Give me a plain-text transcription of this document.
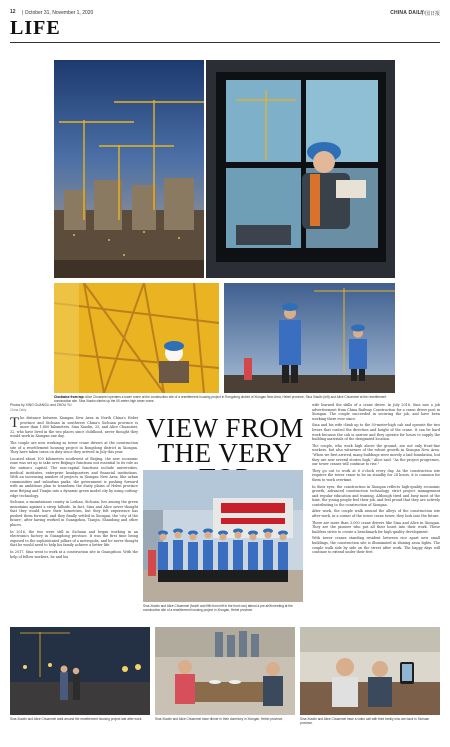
12 | October 31, November 1, 2020	CHINA DAILY
中国日报
LIFE
Clockwise from top: Alice Chuanmei operates a tower crane at the construction site of a resettlement housing project in Rongdong district of Xiongan New Area, Hebei province. Sina Xiaolin (left) and Alice Chuanmei at the resettlement construction site. Sina Xiaolin climbs up the 50-meter-high tower crane.
Photos by XING GUANGLI and ZHOU YU
China Daily

The distance between Xiongan New Area in North China's Hebei province and Sichuan in southwest China's Sichuan province is more than 1,800 kilometers. Sina Xiaolin, 33, and Alice Chuanmei, 32, who have lived in the two places since childhood, never thought they would work in Xiongan one day.

The couple are now working as tower crane drivers at the construction site of a resettlement housing project in Rongdong district in Xiongan. They have taken turns on duty since they arrived in July this year.

Located about 100 kilometers southwest of Beijing, the new economic zone was set up to take over Beijing's functions not essential to its role as the nation's capital. The non-capital functions include universities, medical institutes, enterprise headquarters and financial institutions. With an increasing number of projects in Xiongan New Area, like urban communities and suburban parks, the government is pushing forward with an ambitious plan to transform the dusty plains of Hebei province near Beijing and Tianjin into a dynamic green model city by using cutting-edge technology.

Sichuan, a mountainous county in Leshan, Sichuan, lies among the green mountains against a steep hillside. In fact, Sina and Alice never thought that they would leave their hometown, but they felt experience has pushed them forward, and they finally settled in Xiongan, the 'city of the future', after having worked in Guangzhou, Tianjin, Shandong and other places.

In 2016, the two were still in Sichuan and began working in an electronics factory in Guangdong province. It was the first time being exposed to the sophisticated pillars of a metropolis, and he never thought that he would need to help his family achieve a better life.

In 2017, Sina went to work at a construction site in Guangzhou. With the help of fellow workers, he and his

VIEW FROM THE VERY
Sina Xiaolin and Alice Chuanmei (fourth and fifth from left in the front row) attend a pre-shift meeting at the construction site of a resettlement housing project in Xiongan, Hebei province.

wife learned the skills of a crane driver. In July 2018, Sina saw a job advertisement from China Railway Construction for a crane driver post in Xiongan. The couple succeeded in securing the job, and have been working there ever since.

Sina and his wife climb up to the 50-meter-high cab and operate the two levers that control the direction and height of the crane. It can be hard work because the cab is narrow and they operate for hours to supply the building materials of the designated location.

The couple, who work high above the ground, are not only front-line workers, but also witnesses of the robust growth in Xiongan New Area. "When we first arrived, many buildings were merely a laid foundation, but they are now several stories high," Alice said. "As the project progresses, our tower cranes will continue to rise."

They go out to work at 6 o'clock every day. As the construction site requires the tower crane to be on standby for 24 hours, it is common for them to work overtime.

In their eyes, the construction in Xiongan reflects high-quality economic growth, advanced construction technology, strict project management and regular education and training. Although tired and busy most of the time, the young people feel their job, and feel proud that they are actively contributing to the construction of Xiongan.

After work, the couple walk around the alleys of the construction site after work, in a corner of the tower crane tower, they look into the future.

There are more than 3,000 crane drivers like Sina and Alice in Xiongan. They are the pioneer who put all their heart into their work. These builders strive to create a benchmark for high-quality development.

With tower cranes standing resident between rice apart new small buildings, the construction site is illuminated in shining neon lights. The couple walk side by side on the street after work. The happy days will continue to extend under their feet.

Sina Xiaolin and Alice Chuanmei walk around the resettlement housing project late after work.	Sina Xiaolin and Alice Chuanmei have dinner in their dormitory in Xiongan, Hebei province.	Sina Xiaolin and Alice Chuanmei have a video call with their family who are back in Sichuan province.
